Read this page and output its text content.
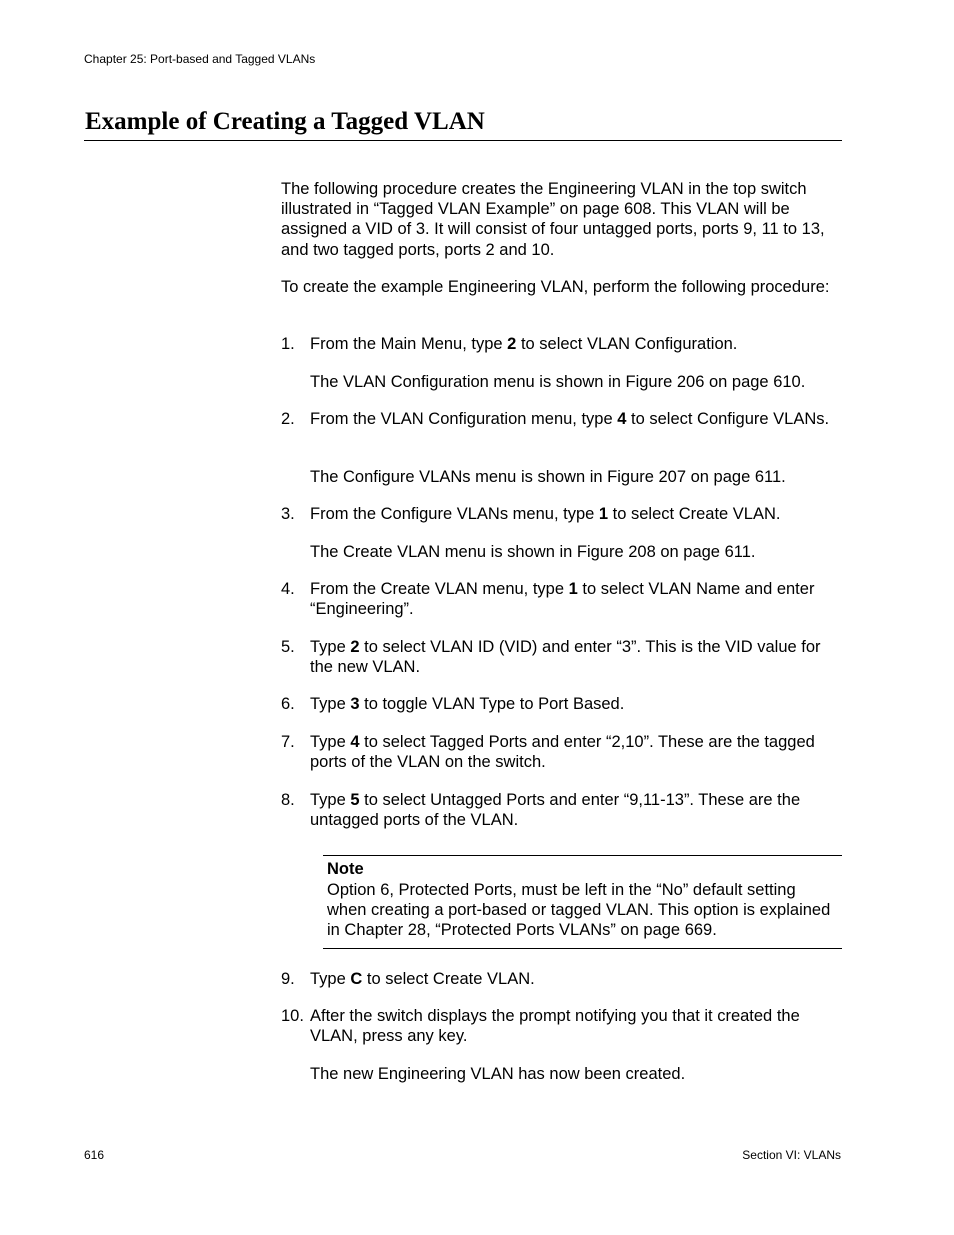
Chapter 25: Port-based and Tagged VLANs
Example of Creating a Tagged VLAN

The following procedure creates the Engineering VLAN in the top switch illustrated in “Tagged VLAN Example” on page 608. This VLAN will be assigned a VID of 3. It will consist of four untagged ports, ports 9, 11 to 13, and two tagged ports, ports 2 and 10.

To create the example Engineering VLAN, perform the following procedure:

1. From the Main Menu, type 2 to select VLAN Configuration.

The VLAN Configuration menu is shown in Figure 206 on page 610.

2. From the VLAN Configuration menu, type 4 to select Configure VLANs.

The Configure VLANs menu is shown in Figure 207 on page 611.

3. From the Configure VLANs menu, type 1 to select Create VLAN.

The Create VLAN menu is shown in Figure 208 on page 611.

4. From the Create VLAN menu, type 1 to select VLAN Name and enter “Engineering”.
5. Type 2 to select VLAN ID (VID) and enter “3”. This is the VID value for the new VLAN.
6. Type 3 to toggle VLAN Type to Port Based.
7. Type 4 to select Tagged Ports and enter “2,10”. These are the tagged ports of the VLAN on the switch.
8. Type 5 to select Untagged Ports and enter “9,11-13”. These are the untagged ports of the VLAN.
Note

Option 6, Protected Ports, must be left in the “No” default setting when creating a port-based or tagged VLAN. This option is explained in Chapter 28, “Protected Ports VLANs” on page 669.

9. Type C to select Create VLAN.
10. After the switch displays the prompt notifying you that it created the VLAN, press any key.

The new Engineering VLAN has now been created.

616	Section VI: VLANs
